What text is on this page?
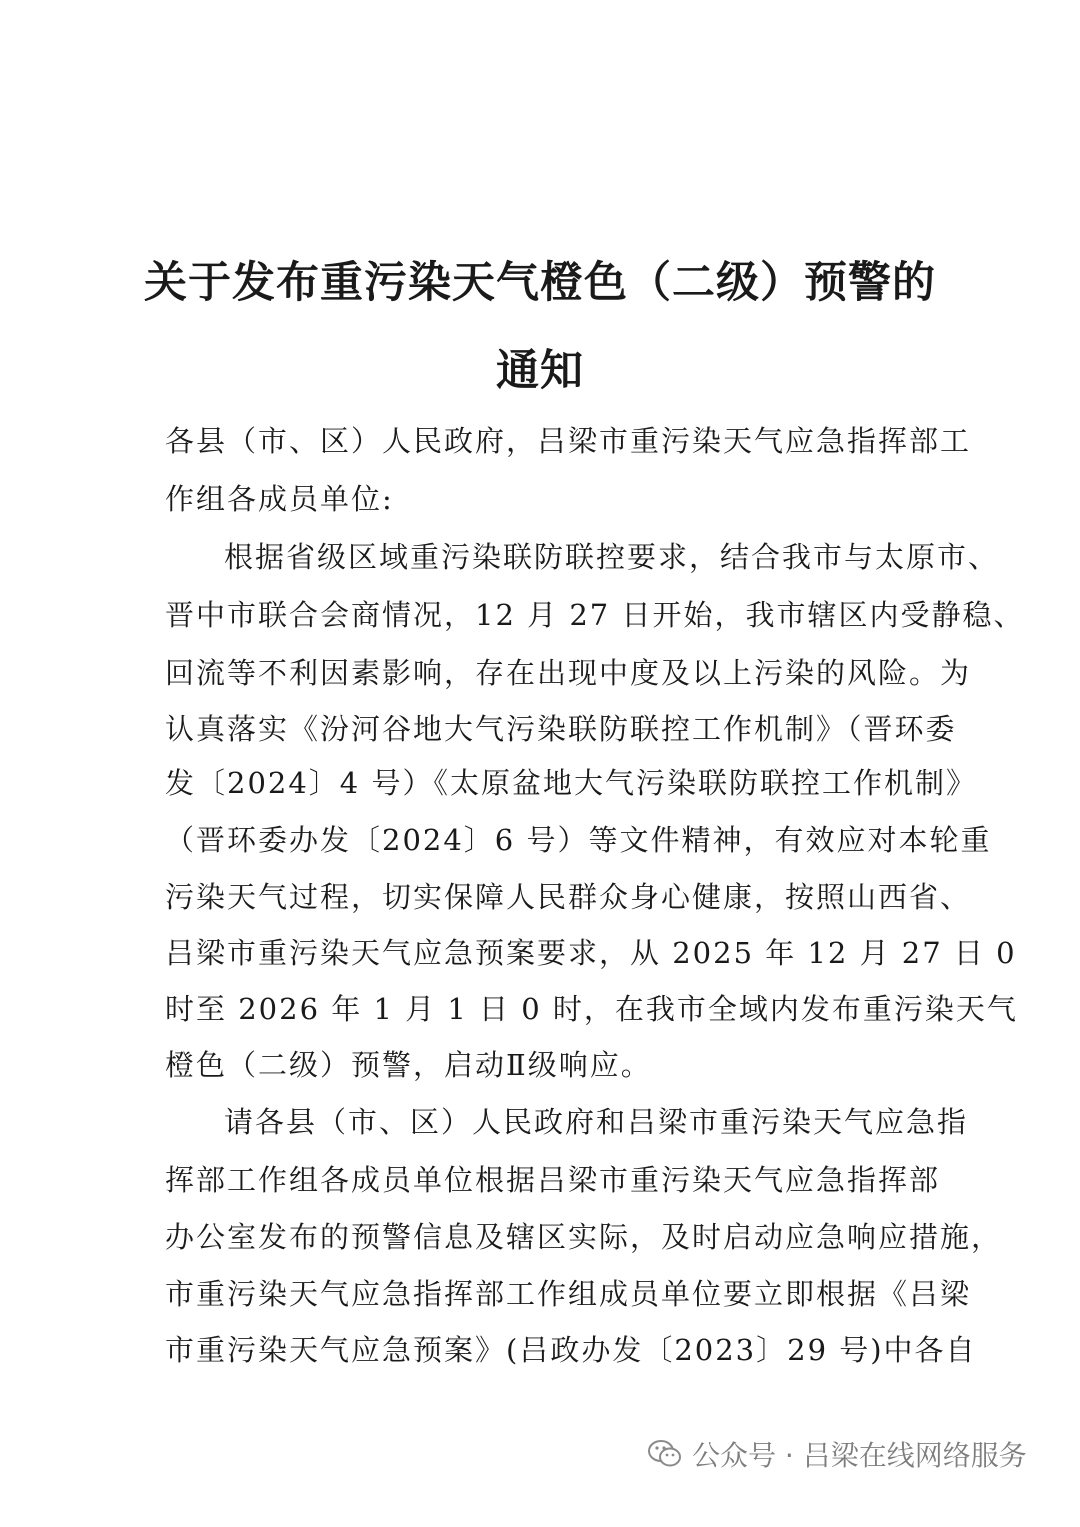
关于发布重污染天气橙色（二级）预警的
通知

各县（市、区）人民政府，吕梁市重污染天气应急指挥部工

作组各成员单位:

根据省级区域重污染联防联控要求，结合我市与太原市、

晋中市联合会商情况，12 月 27 日开始，我市辖区内受静稳、

回流等不利因素影响，存在出现中度及以上污染的风险。为

认真落实《汾河谷地大气污染联防联控工作机制》（晋环委

发〔2024〕4 号）《太原盆地大气污染联防联控工作机制》

（晋环委办发〔2024〕6 号）等文件精神，有效应对本轮重

污染天气过程，切实保障人民群众身心健康，按照山西省、

吕梁市重污染天气应急预案要求，从 2025 年 12 月 27 日 0

时至 2026 年 1 月 1 日 0 时，在我市全域内发布重污染天气

橙色（二级）预警，启动Ⅱ级响应。

请各县（市、区）人民政府和吕梁市重污染天气应急指

挥部工作组各成员单位根据吕梁市重污染天气应急指挥部

办公室发布的预警信息及辖区实际，及时启动应急响应措施，

市重污染天气应急指挥部工作组成员单位要立即根据《吕梁

市重污染天气应急预案》(吕政办发〔2023〕29 号)中各自

公众号 · 吕梁在线网络服务
